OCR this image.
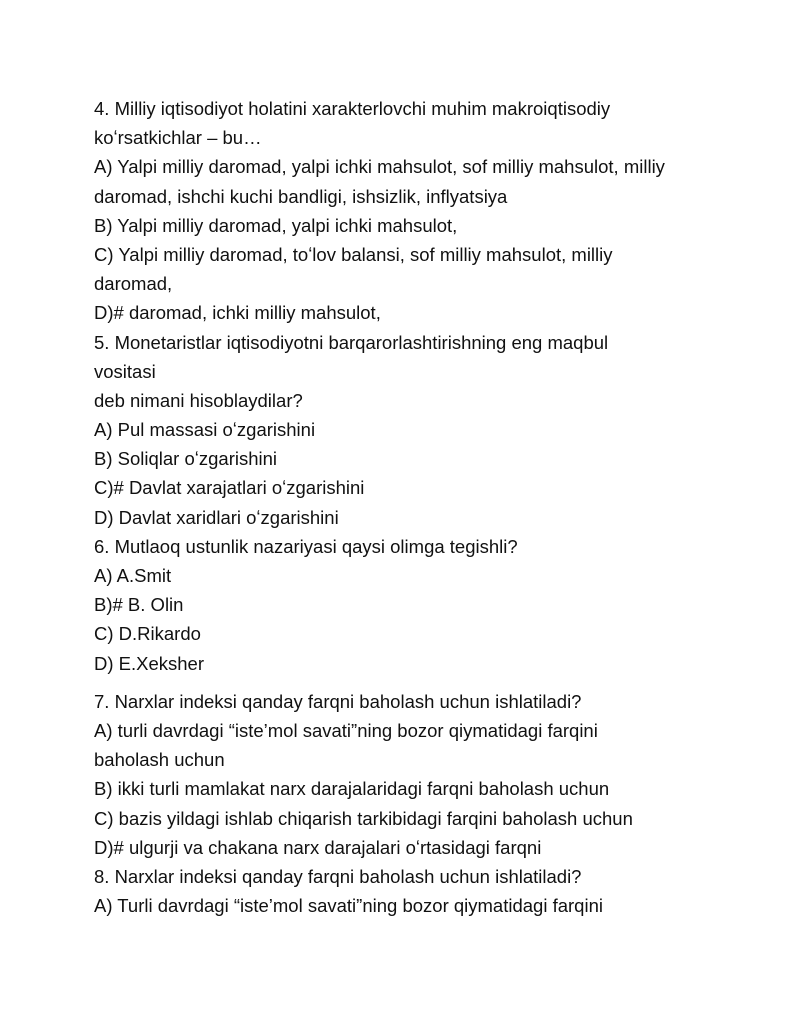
4. Milliy iqtisodiyot holatini xarakterlovchi muhim makroiqtisodiy
koʻrsatkichlar – bu…
A) Yalpi milliy daromad, yalpi ichki mahsulot, sof milliy mahsulot, milliy
daromad, ishchi kuchi bandligi, ishsizlik, inflyatsiya
B) Yalpi milliy daromad, yalpi ichki mahsulot,
C) Yalpi milliy daromad, toʻlov balansi, sof milliy mahsulot, milliy
daromad,
D)# daromad, ichki milliy mahsulot,
5. Monetaristlar iqtisodiyotni barqarorlashtirishning eng maqbul
vositasi
deb nimani hisoblaydilar?
A) Pul massasi oʻzgarishini
B) Soliqlar oʻzgarishini
C)# Davlat xarajatlari oʻzgarishini
D) Davlat xaridlari oʻzgarishini
6. Mutlaoq ustunlik nazariyasi qaysi olimga tegishli?
A) A.Smit
B)# B. Olin
C) D.Rikardo
D) E.Xeksher
7. Narxlar indeksi qanday farqni baholash uchun ishlatiladi?
A) turli davrdagi “iste’mol savati”ning bozor qiymatidagi farqini
baholash uchun
B) ikki turli mamlakat narx darajalaridagi farqni baholash uchun
C) bazis yildagi ishlab chiqarish tarkibidagi farqini baholash uchun
D)# ulgurji va chakana narx darajalari oʻrtasidagi farqni
8. Narxlar indeksi qanday farqni baholash uchun ishlatiladi?
A) Turli davrdagi “iste’mol savati”ning bozor qiymatidagi farqini
